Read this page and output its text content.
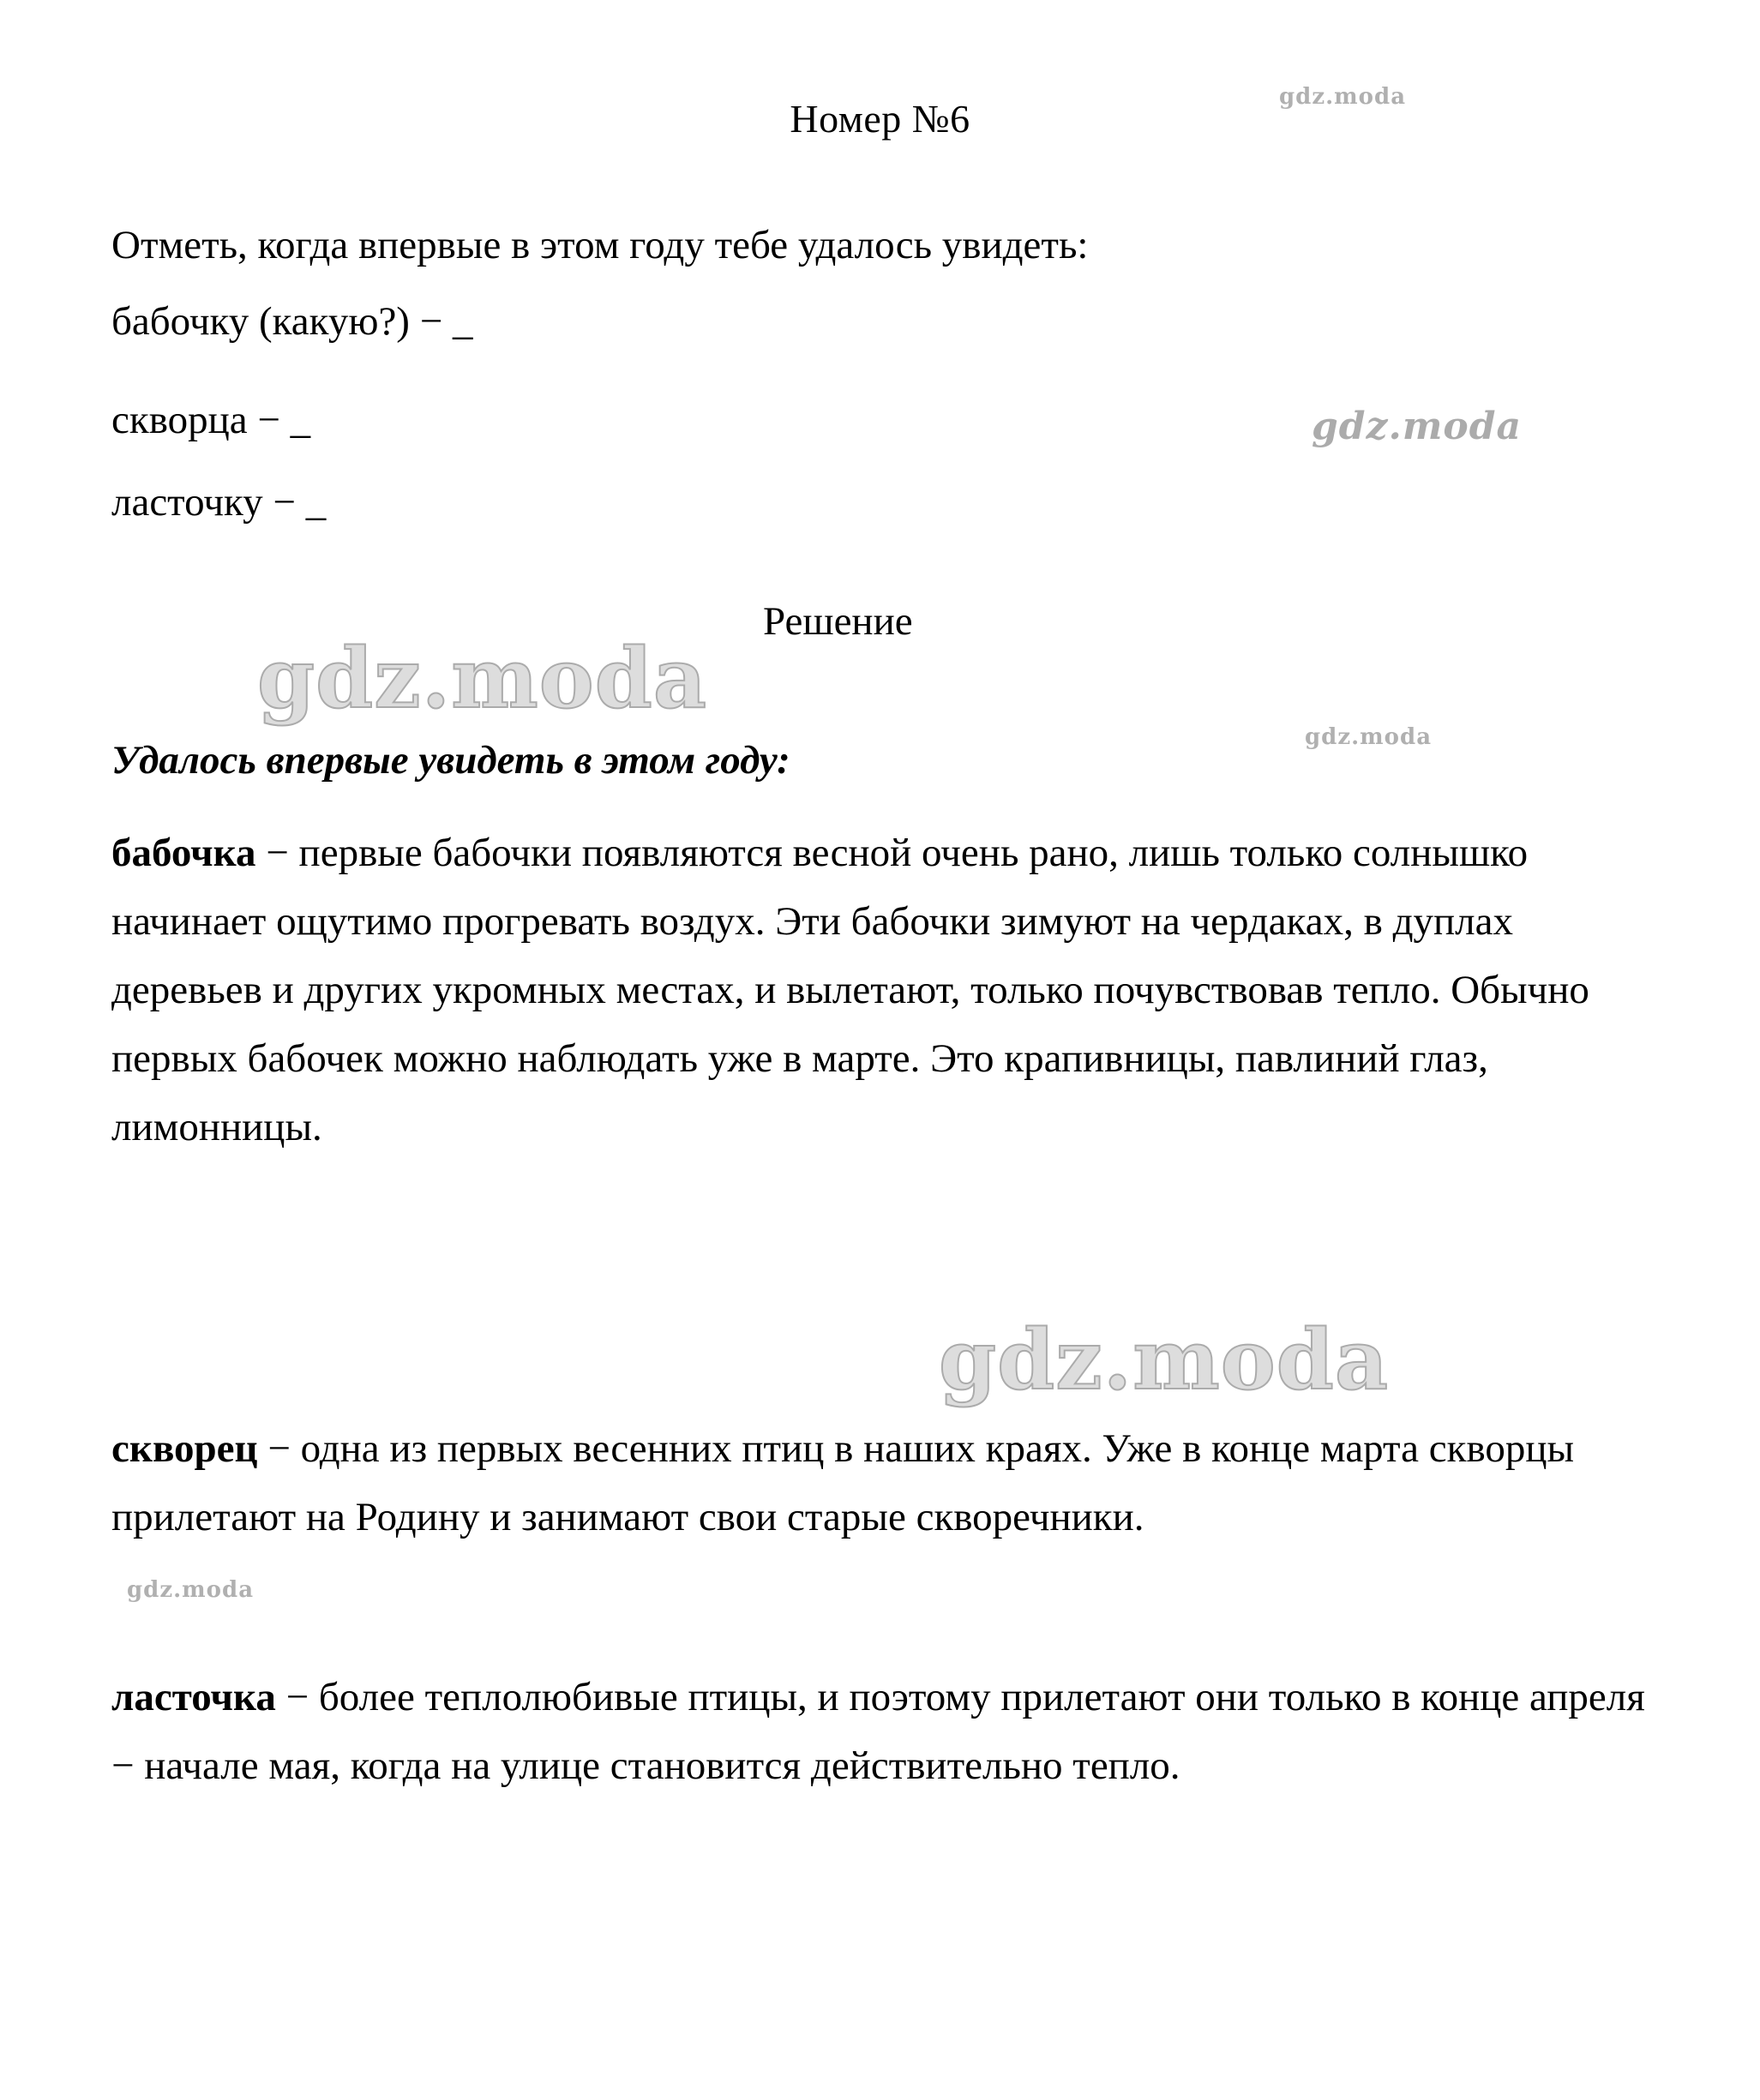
Номер №6
Отметь, когда впервые в этом году тебе удалось увидеть:
бабочку (какую?) − _
скворца − _
ласточку − _
Решение
Удалось впервые увидеть в этом году:
бабочка − первые бабочки появляются весной очень рано, лишь только солнышко начинает ощутимо прогревать воздух. Эти бабочки зимуют на чердаках, в дуплах деревьев и других укромных местах, и вылетают, только почувствовав тепло. Обычно первых бабочек можно наблюдать уже в марте. Это крапивницы, павлиний глаз, лимонницы.
скворец − одна из первых весенних птиц в наших краях. Уже в конце марта скворцы прилетают на Родину и занимают свои старые скворечники.
ласточка − более теплолюбивые птицы, и поэтому прилетают они только в конце апреля − начале мая, когда на улице становится действительно тепло.
gdz.moda
gdz.moda
gdz.moda
gdz.moda
gdz.moda
gdz.moda
